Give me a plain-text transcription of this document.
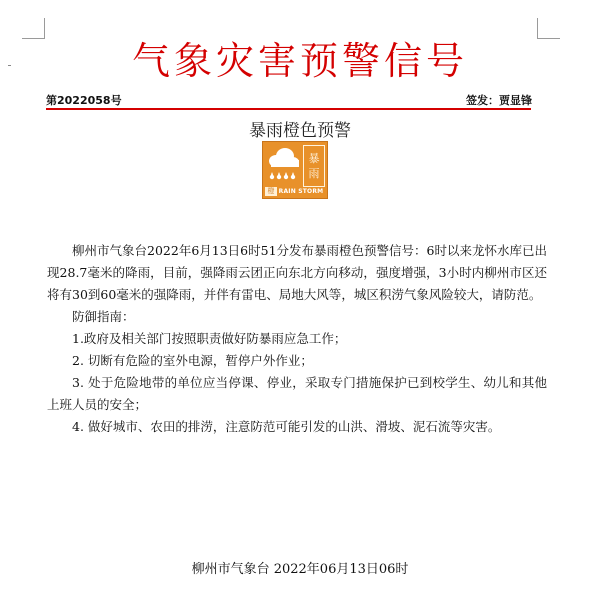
气象灾害预警信号
第2022058号	签发：贾显锋
暴雨橙色预警
暴
雨
橙 RAIN STORM

柳州市气象台2022年6月13日6时51分发布暴雨橙色预警信号：6时以来龙怀水库已出现28.7毫米的降雨，目前，强降雨云团正向东北方向移动，强度增强，3小时内柳州市区还将有30到60毫米的强降雨，并伴有雷电、局地大风等，城区积涝气象风险较大，请防范。

防御指南：

1.政府及相关部门按照职责做好防暴雨应急工作；

2. 切断有危险的室外电源，暂停户外作业；

3. 处于危险地带的单位应当停课、停业，采取专门措施保护已到校学生、幼儿和其他上班人员的安全；

4. 做好城市、农田的排涝，注意防范可能引发的山洪、滑坡、泥石流等灾害。

柳州市气象台 2022年06月13日06时
